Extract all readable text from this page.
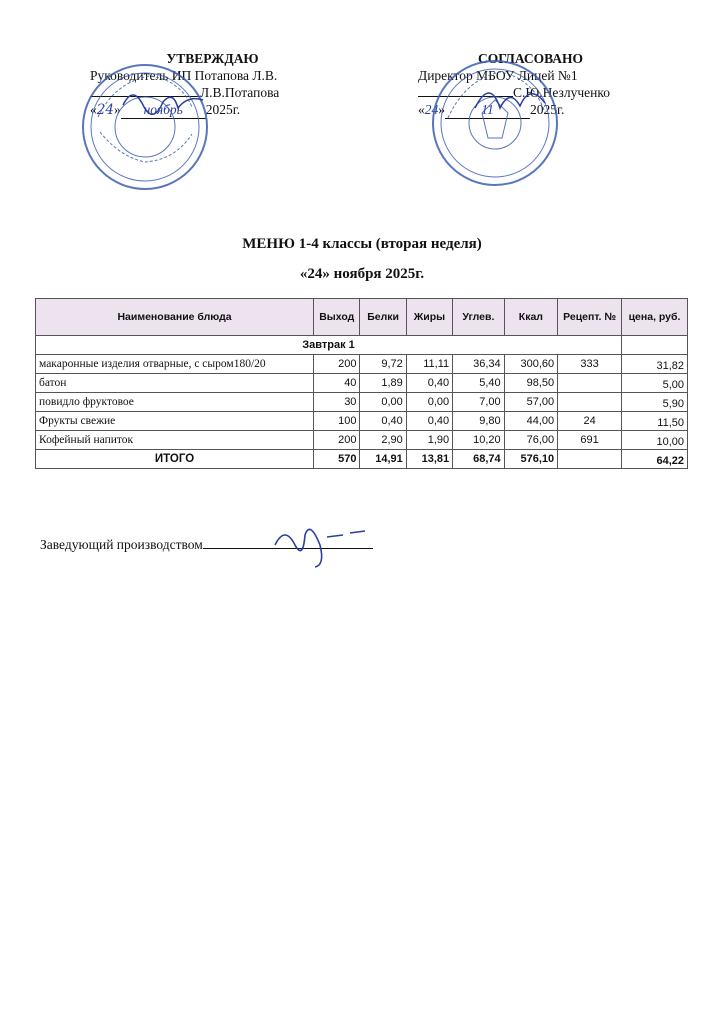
УТВЕРЖДАЮ
Руководитель ИП Потапова Л.В.
Л.В.Потапова
«24» ноябрь 2025г.
СОГЛАСОВАНО
Директор МБОУ Лицей №1
С.Ю.Незлученко
«24»	11	2025г.
МЕНЮ 1-4 классы (вторая неделя)
«24» ноября 2025г.
Наименование блюда	Выход	Белки	Жиры	Углев.	Ккал	Рецепт. №	цена, руб.
Завтрак 1							
макаронные изделия отварные, с сыром180/20	200	9,72	11,11	36,34	300,60	333	31,82
батон	40	1,89	0,40	5,40	98,50		5,00
повидло фруктовое	30	0,00	0,00	7,00	57,00		5,90
Фрукты свежие	100	0,40	0,40	9,80	44,00	24	11,50
Кофейный напиток	200	2,90	1,90	10,20	76,00	691	10,00
ИТОГО	570	14,91	13,81	68,74	576,10		64,22
Заведующий производством
